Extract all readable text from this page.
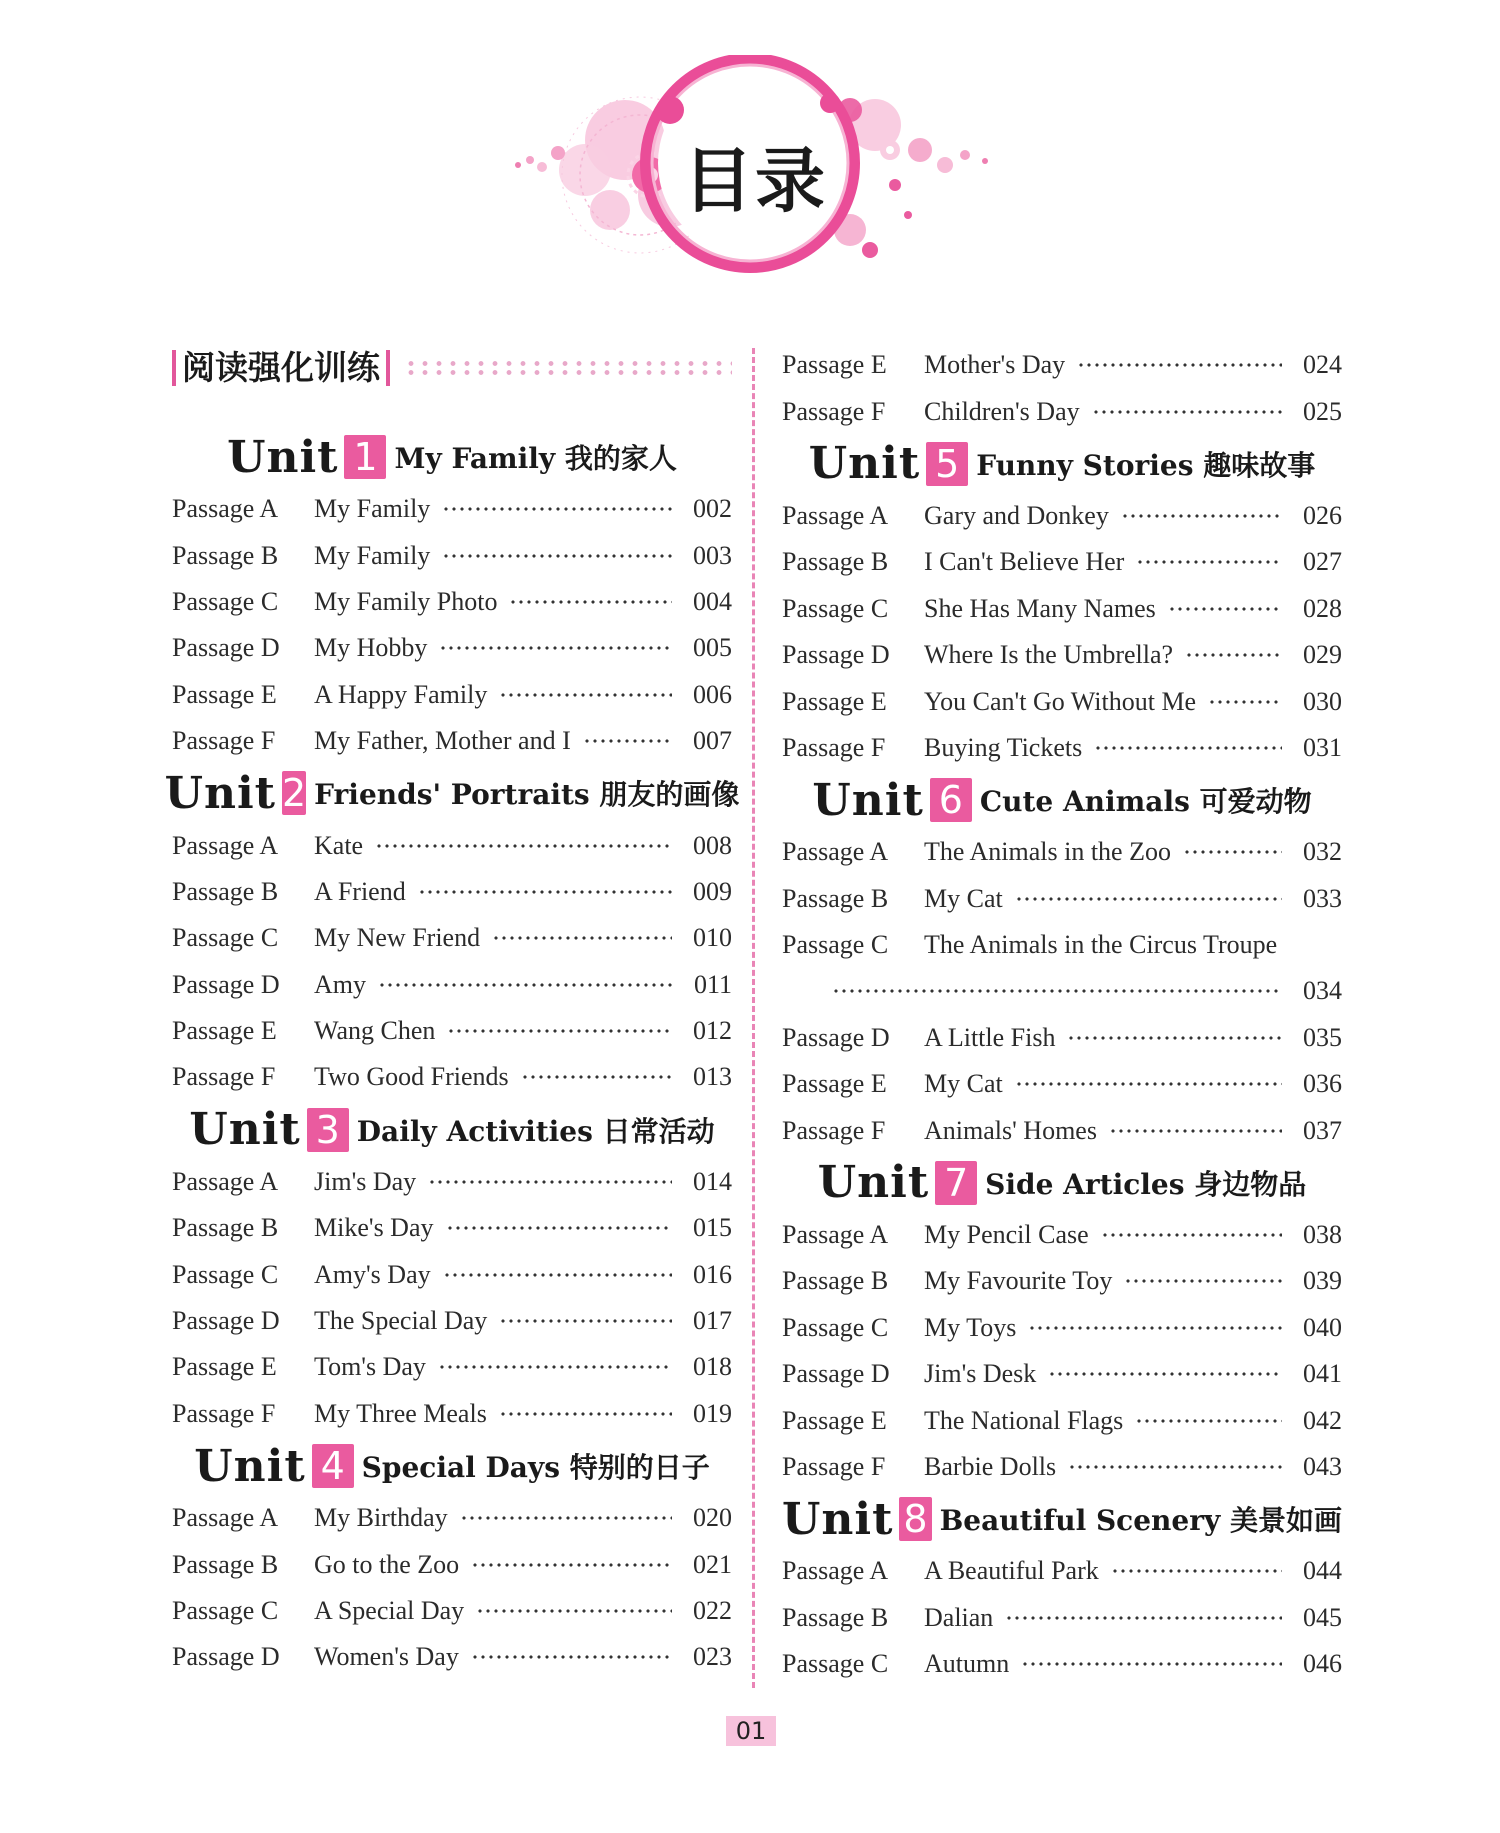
目录
阅读强化训练
Unit 1 My Family 我的家人
Passage A	My Family	002
Passage B	My Family	003
Passage C	My Family Photo	004
Passage D	My Hobby	005
Passage E	A Happy Family	006
Passage F	My Father, Mother and I	007
Unit 2 Friends' Portraits 朋友的画像
Passage A	Kate	008
Passage B	A Friend	009
Passage C	My New Friend	010
Passage D	Amy	011
Passage E	Wang Chen	012
Passage F	Two Good Friends	013
Unit 3 Daily Activities 日常活动
Passage A	Jim's Day	014
Passage B	Mike's Day	015
Passage C	Amy's Day	016
Passage D	The Special Day	017
Passage E	Tom's Day	018
Passage F	My Three Meals	019
Unit 4 Special Days 特别的日子
Passage A	My Birthday	020
Passage B	Go to the Zoo	021
Passage C	A Special Day	022
Passage D	Women's Day	023
Passage E	Mother's Day	024
Passage F	Children's Day	025
Unit 5 Funny Stories 趣味故事
Passage A	Gary and Donkey	026
Passage B	I Can't Believe Her	027
Passage C	She Has Many Names	028
Passage D	Where Is the Umbrella?	029
Passage E	You Can't Go Without Me	030
Passage F	Buying Tickets	031
Unit 6 Cute Animals 可爱动物
Passage A	The Animals in the Zoo	032
Passage B	My Cat	033
Passage C	The Animals in the Circus Troupe
034
Passage D	A Little Fish	035
Passage E	My Cat	036
Passage F	Animals' Homes	037
Unit 7 Side Articles 身边物品
Passage A	My Pencil Case	038
Passage B	My Favourite Toy	039
Passage C	My Toys	040
Passage D	Jim's Desk	041
Passage E	The National Flags	042
Passage F	Barbie Dolls	043
Unit 8 Beautiful Scenery 美景如画
Passage A	A Beautiful Park	044
Passage B	Dalian	045
Passage C	Autumn	046
01
